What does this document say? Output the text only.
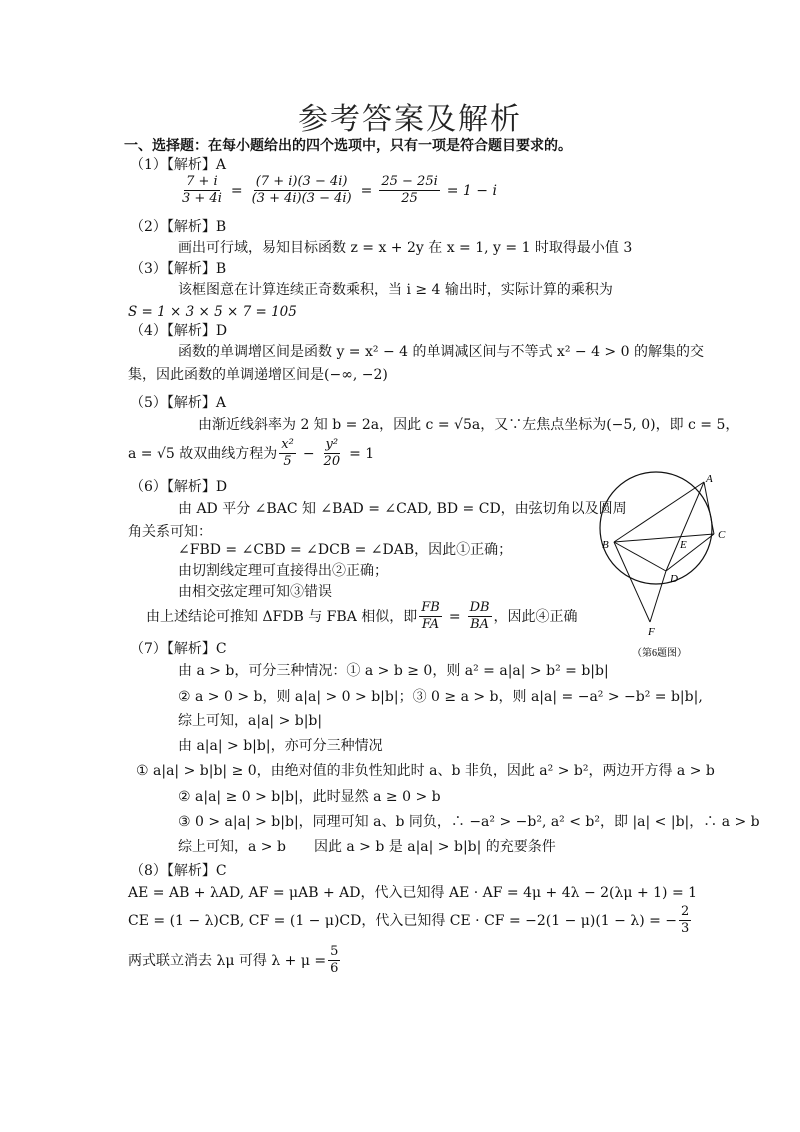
参考答案及解析
一、选择题：在每小题给出的四个选项中，只有一项是符合题目要求的。
（1）【解析】A
$\frac{7 + i}{3 + 4i} = \frac{(7 + i)(3 - 4i)}{(3 + 4i)(3 - 4i)} = \frac{25 - 25i}{25} = 1 - i$
（2）【解析】B
画出可行域，易知目标函数 z = x + 2y 在 x = 1, y = 1 时取得最小值 3
（3）【解析】B
该框图意在计算连续正奇数乘积，当 i ≥ 4 输出时，实际计算的乘积为
S = 1 × 3 × 5 × 7 = 105
（4）【解析】D
函数的单调增区间是函数 y = x² − 4 的单调减区间与不等式 x² − 4 > 0 的解集的交
集，因此函数的单调递增区间是(−∞, −2)
（5）【解析】A
由渐近线斜率为 2 知 b = 2a，因此 c = √5a，又∵左焦点坐标为(−5, 0)，即 c = 5，
a = √5 故双曲线方程为 $\frac{\text{x²}}{5} - \frac{\text{y²}}{20} = 1$
（6）【解析】D
由 AD 平分 ∠BAC 知 ∠BAD = ∠CAD, BD = CD，由弦切角以及圆周
角关系可知：
∠FBD = ∠CBD = ∠DCB = ∠DAB，因此①正确；
由切割线定理可直接得出②正确；
由相交弦定理可知③错误
由上述结论可推知 ΔFDB 与 FBA 相似，即 $\frac{FB}{FA} = \frac{DB}{BA}$ ，因此④正确
A
B
C
D
E
F
（第6题图）
（7）【解析】C
由 a > b，可分三种情况：① a > b ≥ 0，则 a² = a|a| > b² = b|b|
② a > 0 > b，则 a|a| > 0 > b|b|；③ 0 ≥ a > b，则 a|a| = −a² > −b² = b|b|,
综上可知，a|a| > b|b|
由 a|a| > b|b|，亦可分三种情况
① a|a| > b|b| ≥ 0，由绝对值的非负性知此时 a、b 非负，因此 a² > b²，两边开方得 a > b
② a|a| ≥ 0 > b|b|，此时显然 a ≥ 0 > b
③ 0 > a|a| > b|b|，同理可知 a、b 同负，∴ −a² > −b², a² < b²，即 |a| < |b|，∴ a > b
综上可知，a > b　　因此 a > b 是 a|a| > b|b| 的充要条件
（8）【解析】C
AE = AB + λAD, AF = μAB + AD，代入已知得 AE · AF = 4μ + 4λ − 2(λμ + 1) = 1
CE = (1 − λ)CB, CF = (1 − μ)CD，代入已知得 CE · CF = −2(1 − μ)(1 − λ) = − $\frac{2}{3}$
两式联立消去 λμ 可得 $\lambda + \mu = \frac{5}{6}$
